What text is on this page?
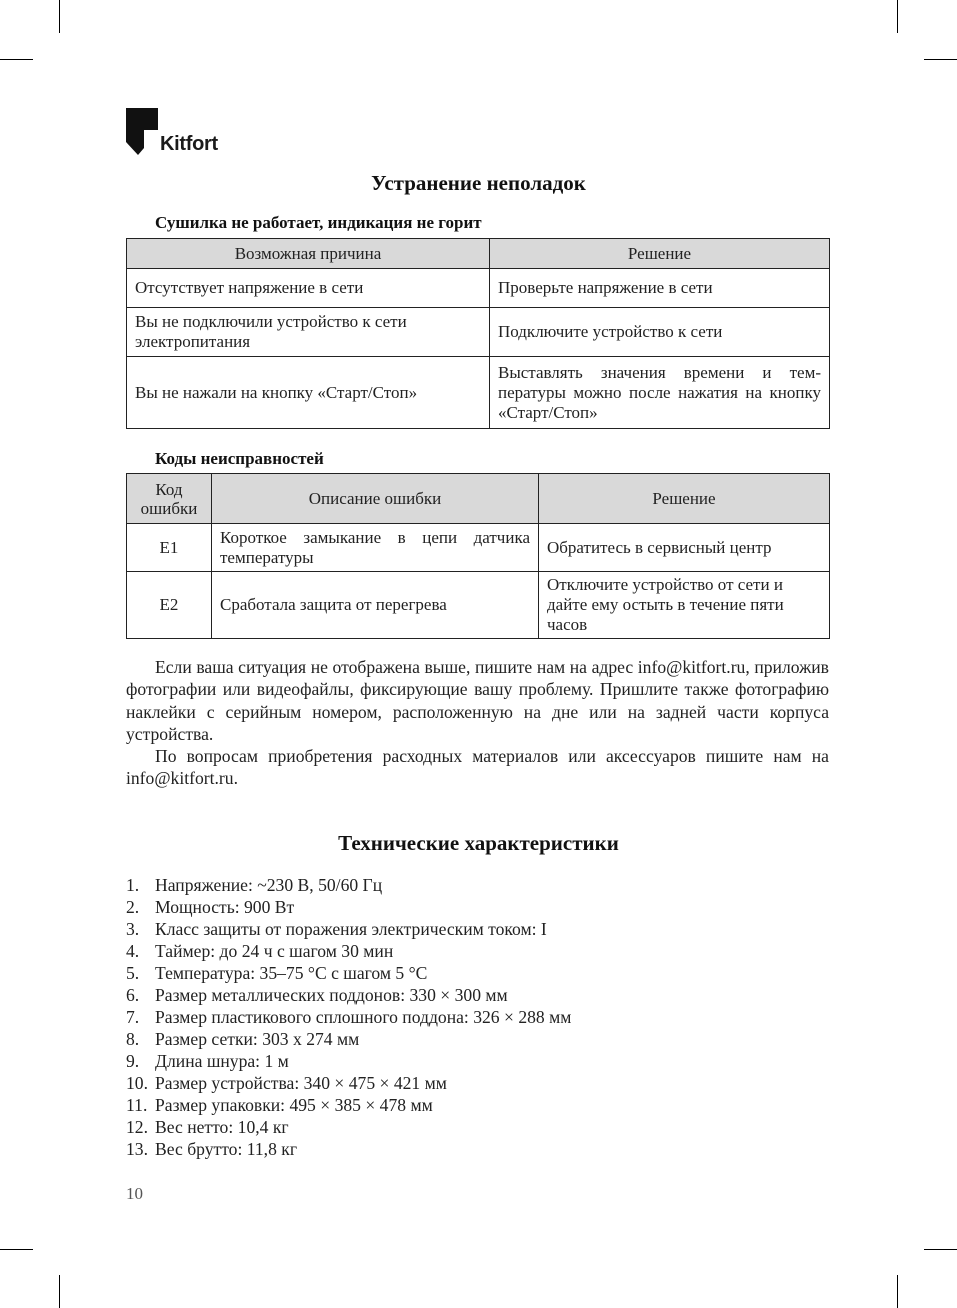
Kitfort
Устранение неполадок
Сушилка не работает, индикация не горит
Возможная причина	Решение
Отсутствует напряжение в сети	Проверьте напряжение в сети
Вы не подключили устройство к сети электропитания	Подключите устройство к сети
Вы не нажали на кнопку «Старт/Стоп»	Выставлять значения времени и тем-пературы можно после нажатия на кнопку «Старт/Стоп»
Коды неисправностей
Код ошибки	Описание ошибки	Решение
E1	Короткое замыкание в цепи датчика температуры	Обратитесь в сервисный центр
E2	Сработала защита от перегрева	Отключите устройство от сети и дайте ему остыть в течение пяти часов

Если ваша ситуация не отображена выше, пишите нам на адрес info@kitfort.ru, приложив фотографии или видеофайлы, фиксирующие вашу проблему. Пришлите также фотографию наклейки с серийным номером, расположенную на дне или на задней части корпуса устройства.

По вопросам приобретения расходных материалов или аксессуаров пишите нам на info@kitfort.ru.

Технические характеристики
1. Напряжение: ~230 В, 50/60 Гц
2. Мощность: 900 Вт
3. Класс защиты от поражения электрическим током: I
4. Таймер: до 24 ч с шагом 30 мин
5. Температура: 35–75 °С с шагом 5 °С
6. Размер металлических поддонов: 330 × 300 мм
7. Размер пластикового сплошного поддона: 326 × 288 мм
8. Размер сетки: 303 х 274 мм
9. Длина шнура: 1 м
10. Размер устройства: 340 × 475 × 421 мм
11. Размер упаковки: 495 × 385 × 478 мм
12. Вес нетто: 10,4 кг
13. Вес брутто: 11,8 кг
10
